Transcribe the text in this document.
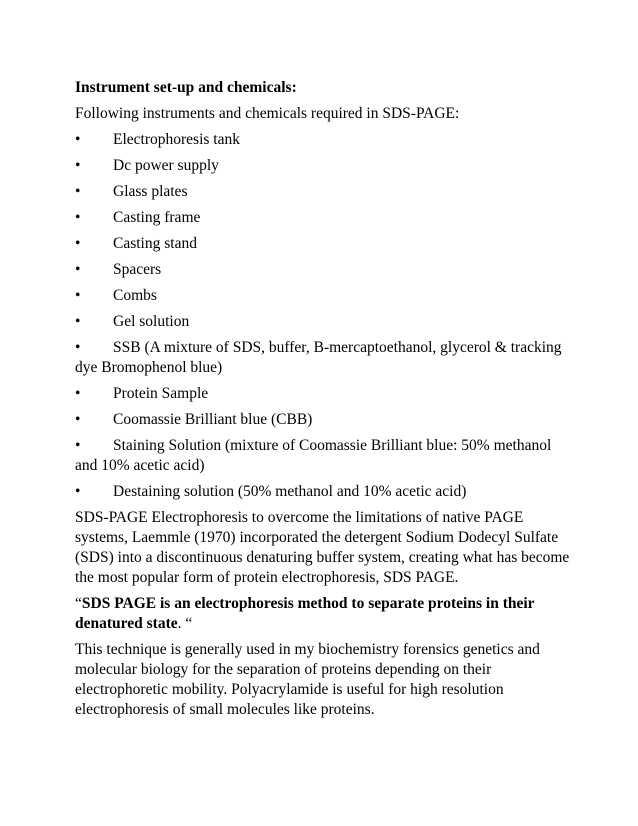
Instrument set-up and chemicals:
Following instruments and chemicals required in SDS-PAGE:
• Electrophoresis tank
• Dc power supply
• Glass plates
• Casting frame
• Casting stand
• Spacers
• Combs
• Gel solution
• SSB (A mixture of SDS, buffer, B-mercaptoethanol, glycerol & tracking dye Bromophenol blue)
• Protein Sample
• Coomassie Brilliant blue (CBB)
• Staining Solution (mixture of Coomassie Brilliant blue: 50% methanol and 10% acetic acid)
• Destaining solution (50% methanol and 10% acetic acid)
SDS-PAGE Electrophoresis to overcome the limitations of native PAGE systems, Laemmle (1970) incorporated the detergent Sodium Dodecyl Sulfate (SDS) into a discontinuous denaturing buffer system, creating what has become the most popular form of protein electrophoresis, SDS PAGE.
“SDS PAGE is an electrophoresis method to separate proteins in their denatured state. “
This technique is generally used in my biochemistry forensics genetics and molecular biology for the separation of proteins depending on their electrophoretic mobility. Polyacrylamide is useful for high resolution electrophoresis of small molecules like proteins.
